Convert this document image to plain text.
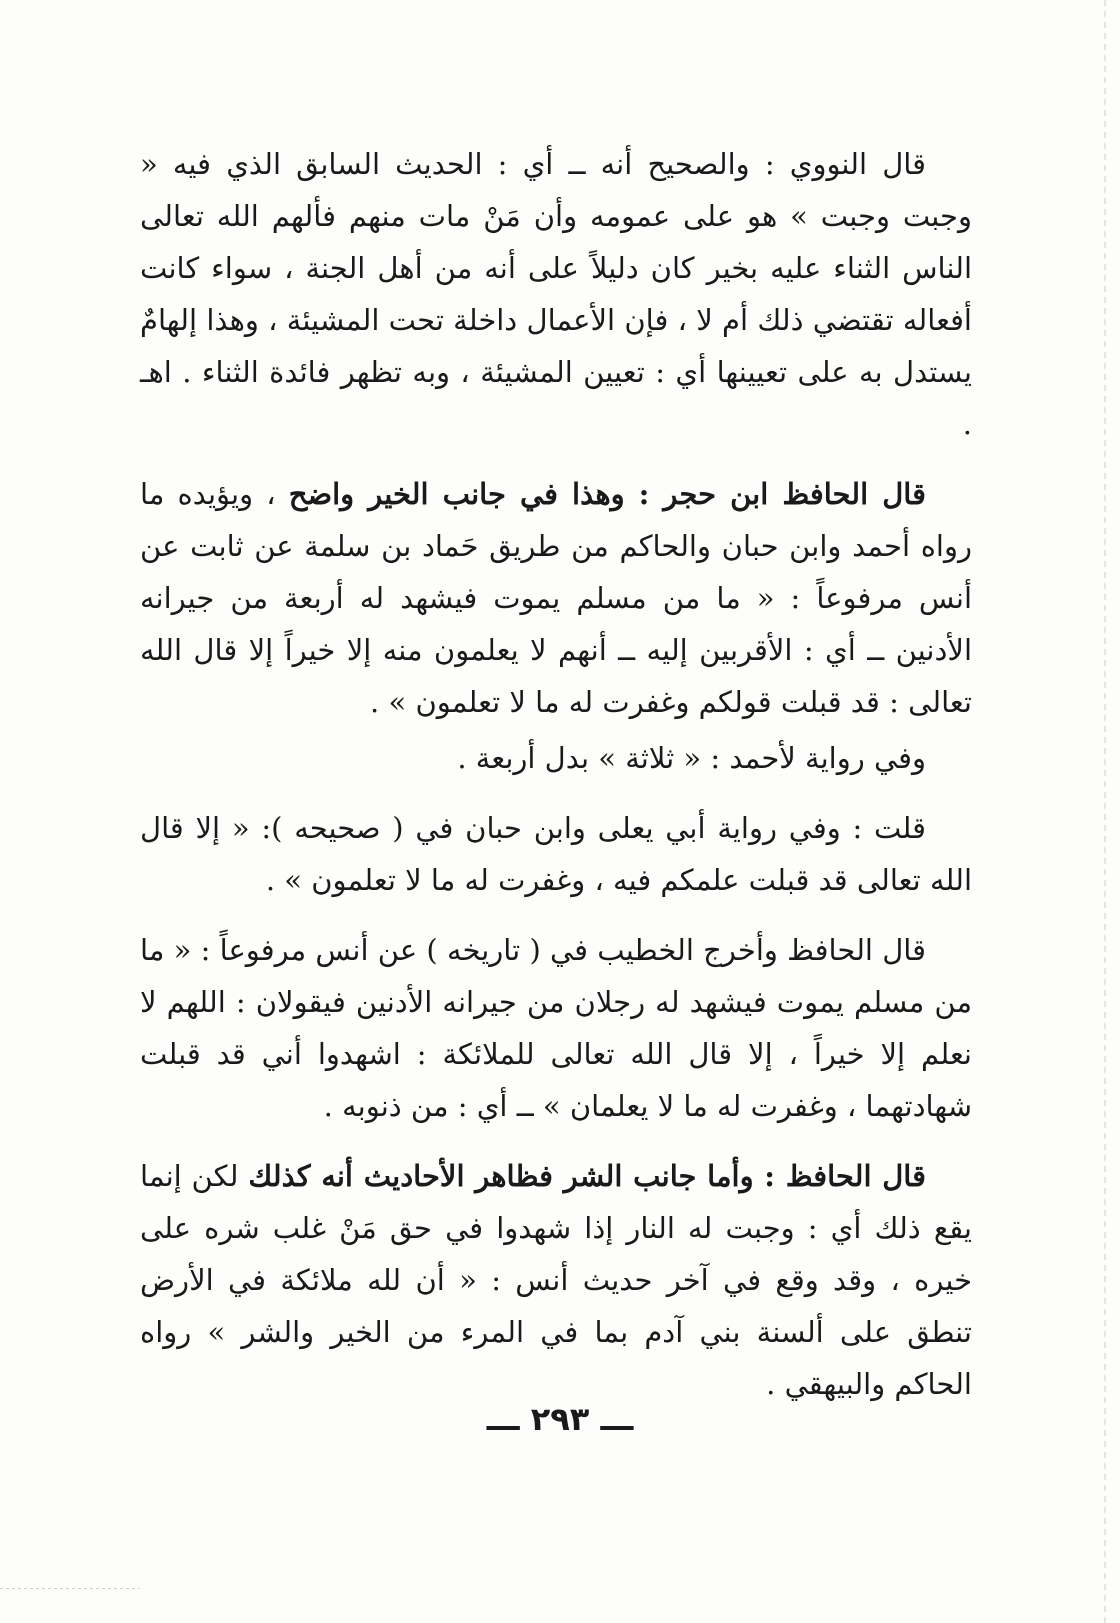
قال النووي : والصحيح أنه ــ أي : الحديث السابق الذي فيه « وجبت وجبت » هو على عمومه وأن مَنْ مات منهم فألهم الله تعالى الناس الثناء عليه بخير كان دليلاً على أنه من أهل الجنة ، سواء كانت أفعاله تقتضي ذلك أم لا ، فإن الأعمال داخلة تحت المشيئة ، وهذا إلهامٌ يستدل به على تعيينها أي : تعيين المشيئة ، وبه تظهر فائدة الثناء . اهـ .

قال الحافظ ابن حجر : وهذا في جانب الخير واضح ، ويؤيده ما رواه أحمد وابن حبان والحاكم من طريق حَماد بن سلمة عن ثابت عن أنس مرفوعاً : « ما من مسلم يموت فيشهد له أربعة من جيرانه الأدنين ــ أي : الأقربين إليه ــ أنهم لا يعلمون منه إلا خيراً إلا قال الله تعالى : قد قبلت قولكم وغفرت له ما لا تعلمون » .

وفي رواية لأحمد : « ثلاثة » بدل أربعة .

قلت : وفي رواية أبي يعلى وابن حبان في ( صحيحه ): « إلا قال الله تعالى قد قبلت علمكم فيه ، وغفرت له ما لا تعلمون » .

قال الحافظ وأخرج الخطيب في ( تاريخه ) عن أنس مرفوعاً : « ما من مسلم يموت فيشهد له رجلان من جيرانه الأدنين فيقولان : اللهم لا نعلم إلا خيراً ، إلا قال الله تعالى للملائكة : اشهدوا أني قد قبلت شهادتهما ، وغفرت له ما لا يعلمان » ــ أي : من ذنوبه .

قال الحافظ : وأما جانب الشر فظاهر الأحاديث أنه كذلك لكن إنما يقع ذلك أي : وجبت له النار إذا شهدوا في حق مَنْ غلب شره على خيره ، وقد وقع في آخر حديث أنس : « أن لله ملائكة في الأرض تنطق على ألسنة بني آدم بما في المرء من الخير والشر » رواه الحاكم والبيهقي .

ـــ ٢٩٣ ـــ
